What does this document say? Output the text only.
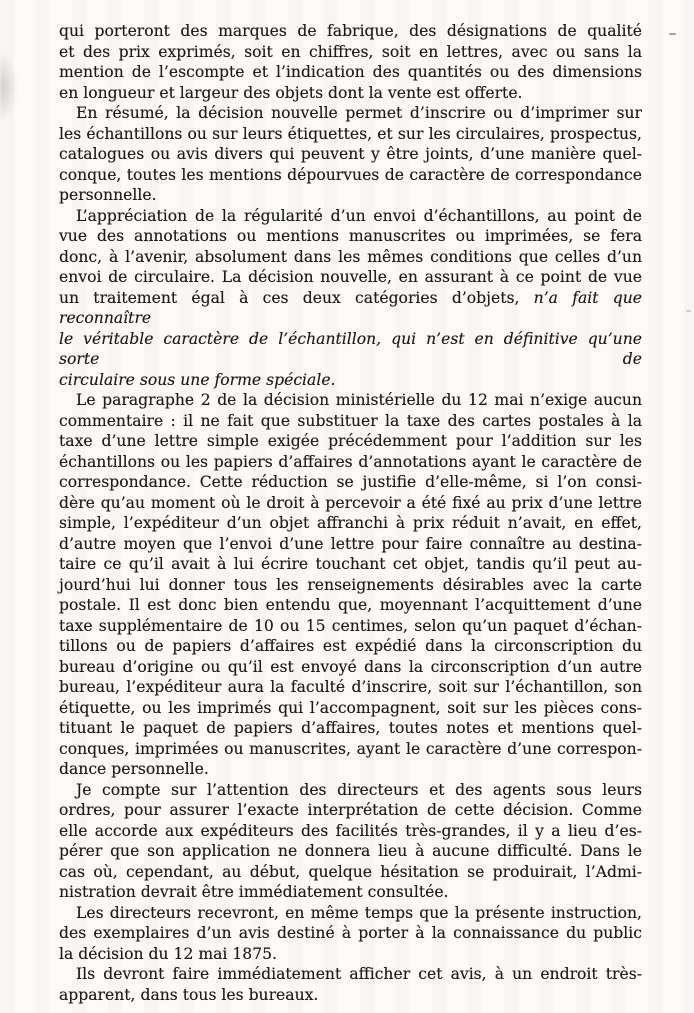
qui porteront des marques de fabrique, des désignations de qualité
et des prix exprimés, soit en chiffres, soit en lettres, avec ou sans la
mention de l’escompte et l’indication des quantités ou des dimensions
en longueur et largeur des objets dont la vente est offerte.
En résumé, la décision nouvelle permet d’inscrire ou d’imprimer sur
les échantillons ou sur leurs étiquettes, et sur les circulaires, prospectus,
catalogues ou avis divers qui peuvent y être joints, d’une manière quel-
conque, toutes les mentions dépourvues de caractère de correspondance
personnelle.
L’appréciation de la régularité d’un envoi d’échantillons, au point de
vue des annotations ou mentions manuscrites ou imprimées, se fera
donc, à l’avenir, absolument dans les mêmes conditions que celles d’un
envoi de circulaire. La décision nouvelle, en assurant à ce point de vue
un traitement égal à ces deux catégories d’objets, n’a fait que reconnaître
le véritable caractère de l’échantillon, qui n’est en définitive qu’une sorte de
circulaire sous une forme spéciale.
Le paragraphe 2 de la décision ministérielle du 12 mai n’exige aucun
commentaire : il ne fait que substituer la taxe des cartes postales à la
taxe d’une lettre simple exigée précédemment pour l’addition sur les
échantillons ou les papiers d’affaires d’annotations ayant le caractère de
correspondance. Cette réduction se justifie d’elle-même, si l’on consi-
dère qu’au moment où le droit à percevoir a été fixé au prix d’une lettre
simple, l’expéditeur d’un objet affranchi à prix réduit n’avait, en effet,
d’autre moyen que l’envoi d’une lettre pour faire connaître au destina-
taire ce qu’il avait à lui écrire touchant cet objet, tandis qu’il peut au-
jourd’hui lui donner tous les renseignements désirables avec la carte
postale. Il est donc bien entendu que, moyennant l’acquittement d’une
taxe supplémentaire de 10 ou 15 centimes, selon qu’un paquet d’échan-
tillons ou de papiers d’affaires est expédié dans la circonscription du
bureau d’origine ou qu’il est envoyé dans la circonscription d’un autre
bureau, l’expéditeur aura la faculté d’inscrire, soit sur l’échantillon, son
étiquette, ou les imprimés qui l’accompagnent, soit sur les pièces cons-
tituant le paquet de papiers d’affaires, toutes notes et mentions quel-
conques, imprimées ou manuscrites, ayant le caractère d’une correspon-
dance personnelle.
Je compte sur l’attention des directeurs et des agents sous leurs
ordres, pour assurer l’exacte interprétation de cette décision. Comme
elle accorde aux expéditeurs des facilités très-grandes, il y a lieu d’es-
pérer que son application ne donnera lieu à aucune difficulté. Dans le
cas où, cependant, au début, quelque hésitation se produirait, l’Admi-
nistration devrait être immédiatement consultée.
Les directeurs recevront, en même temps que la présente instruction,
des exemplaires d’un avis destiné à porter à la connaissance du public
la décision du 12 mai 1875.
Ils devront faire immédiatement afficher cet avis, à un endroit très-
apparent, dans tous les bureaux.
